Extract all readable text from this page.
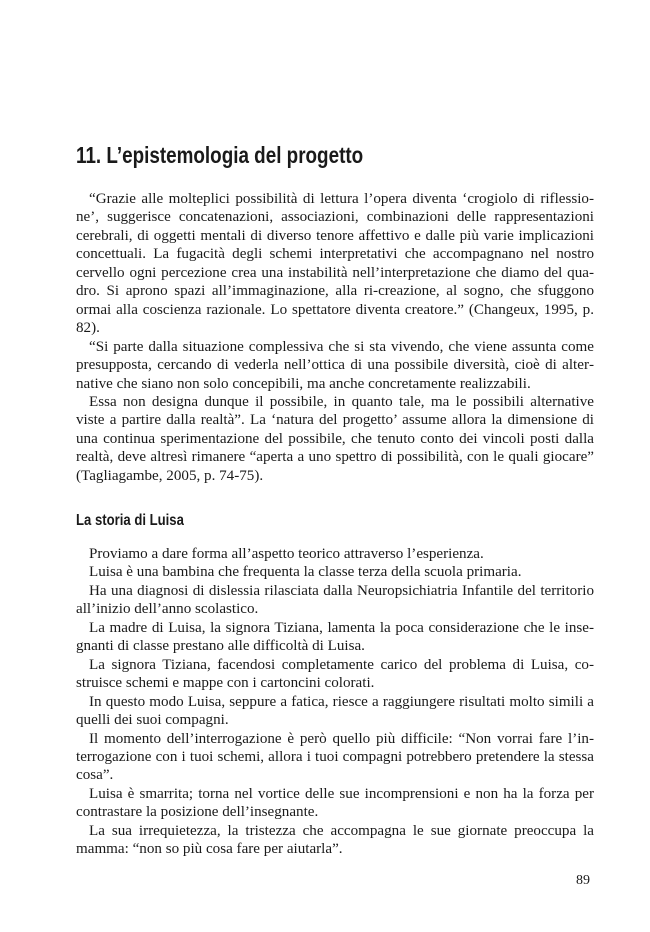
11. L’epistemologia del progetto

“Grazie alle molteplici possibilità di lettura l’opera diventa ‘crogiolo di riflessione’, suggerisce concatenazioni, associazioni, combinazioni delle rappresentazioni cerebrali, di oggetti mentali di diverso tenore affettivo e dalle più varie implicazioni concettuali. La fugacità degli schemi interpretativi che accompagnano nel nostro cervello ogni percezione crea una instabilità nell’interpretazione che diamo del quadro. Si aprono spazi all’immaginazione, alla ri-creazione, al sogno, che sfuggono ormai alla coscienza razionale. Lo spettatore diventa creatore.” (Changeux, 1995, p. 82).

“Si parte dalla situazione complessiva che si sta vivendo, che viene assunta come presupposta, cercando di vederla nell’ottica di una possibile diversità, cioè di alternative che siano non solo concepibili, ma anche concretamente realizzabili.

Essa non designa dunque il possibile, in quanto tale, ma le possibili alternative viste a partire dalla realtà”. La ‘natura del progetto’ assume allora la dimensione di una continua sperimentazione del possibile, che tenuto conto dei vincoli posti dalla realtà, deve altresì rimanere “aperta a uno spettro di possibilità, con le quali giocare” (Tagliagambe, 2005, p. 74-75).

La storia di Luisa

Proviamo a dare forma all’aspetto teorico attraverso l’esperienza.

Luisa è una bambina che frequenta la classe terza della scuola primaria.

Ha una diagnosi di dislessia rilasciata dalla Neuropsichiatria Infantile del territorio all’inizio dell’anno scolastico.

La madre di Luisa, la signora Tiziana, lamenta la poca considerazione che le insegnanti di classe prestano alle difficoltà di Luisa.

La signora Tiziana, facendosi completamente carico del problema di Luisa, costruisce schemi e mappe con i cartoncini colorati.

In questo modo Luisa, seppure a fatica, riesce a raggiungere risultati molto simili a quelli dei suoi compagni.

Il momento dell’interrogazione è però quello più difficile: “Non vorrai fare l’interrogazione con i tuoi schemi, allora i tuoi compagni potrebbero pretendere la stessa cosa”.

Luisa è smarrita; torna nel vortice delle sue incomprensioni e non ha la forza per contrastare la posizione dell’insegnante.

La sua irrequietezza, la tristezza che accompagna le sue giornate preoccupa la mamma: “non so più cosa fare per aiutarla”.

89
